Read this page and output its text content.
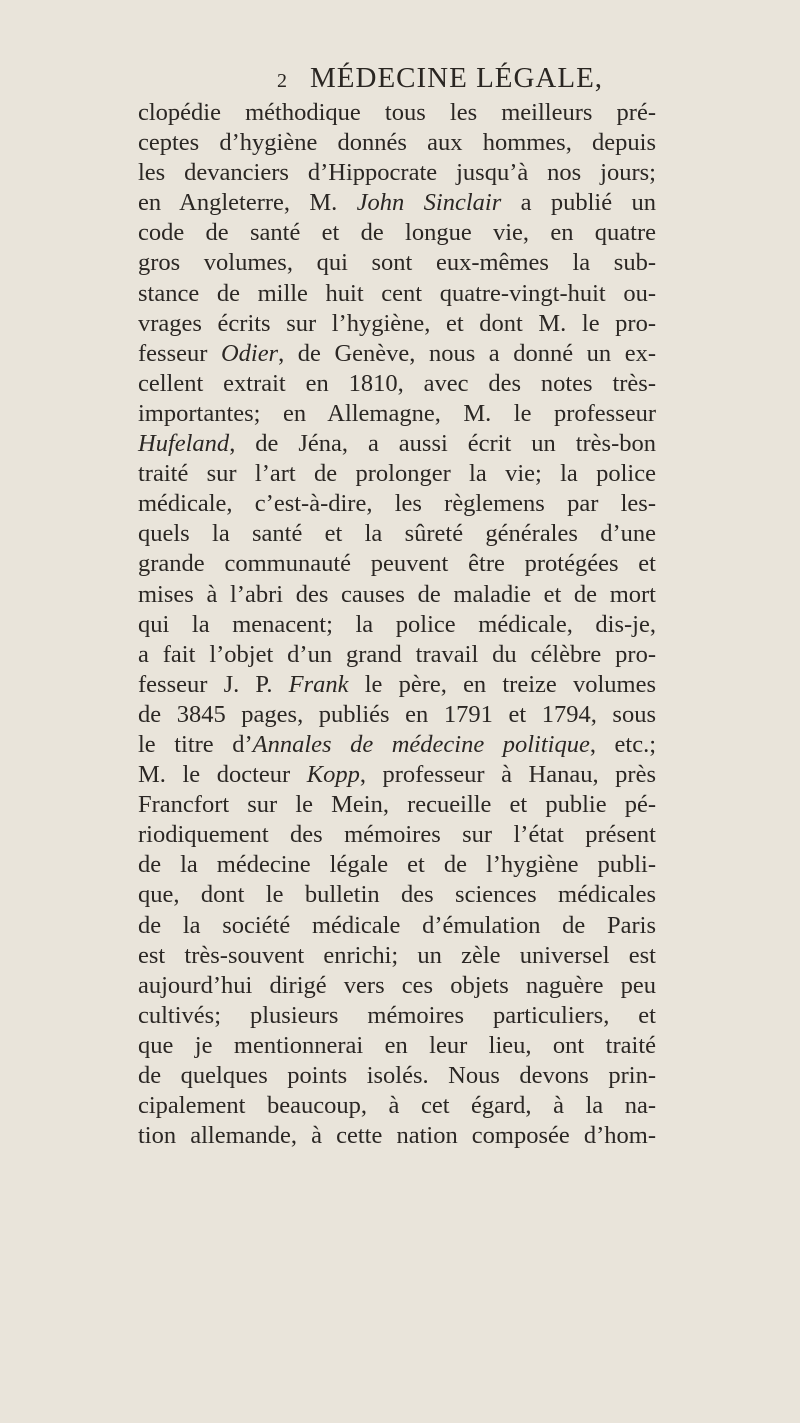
2 MÉDECINE LÉGALE,
clopédie méthodique tous les meilleurs pré-
ceptes d’hygiène donnés aux hommes, depuis
les devanciers d’Hippocrate jusqu’à nos jours;
en Angleterre, M. John Sinclair a publié un
code de santé et de longue vie, en quatre
gros volumes, qui sont eux-mêmes la sub-
stance de mille huit cent quatre-vingt-huit ou-
vrages écrits sur l’hygiène, et dont M. le pro-
fesseur Odier, de Genève, nous a donné un ex-
cellent extrait en 1810, avec des notes très-
importantes; en Allemagne, M. le professeur
Hufeland, de Jéna, a aussi écrit un très-bon
traité sur l’art de prolonger la vie; la police
médicale, c’est-à-dire, les règlemens par les-
quels la santé et la sûreté générales d’une
grande communauté peuvent être protégées et
mises à l’abri des causes de maladie et de mort
qui la menacent; la police médicale, dis-je,
a fait l’objet d’un grand travail du célèbre pro-
fesseur J. P. Frank le père, en treize volumes
de 3845 pages, publiés en 1791 et 1794, sous
le titre d’Annales de médecine politique, etc.;
M. le docteur Kopp, professeur à Hanau, près
Francfort sur le Mein, recueille et publie pé-
riodiquement des mémoires sur l’état présent
de la médecine légale et de l’hygiène publi-
que, dont le bulletin des sciences médicales
de la société médicale d’émulation de Paris
est très-souvent enrichi; un zèle universel est
aujourd’hui dirigé vers ces objets naguère peu
cultivés; plusieurs mémoires particuliers, et
que je mentionnerai en leur lieu, ont traité
de quelques points isolés. Nous devons prin-
cipalement beaucoup, à cet égard, à la na-
tion allemande, à cette nation composée d’hom-
